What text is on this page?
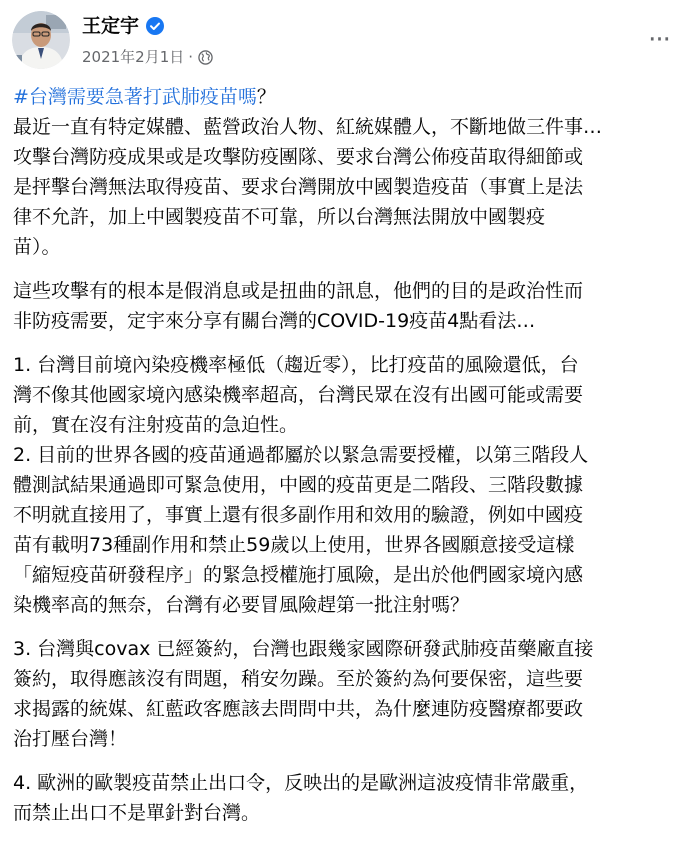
王定宇
2021年2月1日 ·
···
#台灣需要急著打武肺疫苗嗎？
最近一直有特定媒體、藍營政治人物、紅統媒體人，不斷地做三件事…
攻擊台灣防疫成果或是攻擊防疫團隊、要求台灣公佈疫苗取得細節或
是抨擊台灣無法取得疫苗、要求台灣開放中國製造疫苗（事實上是法
律不允許，加上中國製疫苗不可靠，所以台灣無法開放中國製疫
苗）。
這些攻擊有的根本是假消息或是扭曲的訊息，他們的目的是政治性而
非防疫需要，定宇來分享有關台灣的COVID-19疫苗4點看法…
1. 台灣目前境內染疫機率極低（趨近零），比打疫苗的風險還低，台
灣不像其他國家境內感染機率超高，台灣民眾在沒有出國可能或需要
前，實在沒有注射疫苗的急迫性。
2. 目前的世界各國的疫苗通過都屬於以緊急需要授權，以第三階段人
體測試結果通過即可緊急使用，中國的疫苗更是二階段、三階段數據
不明就直接用了，事實上還有很多副作用和效用的驗證，例如中國疫
苗有載明73種副作用和禁止59歲以上使用，世界各國願意接受這樣
「縮短疫苗研發程序」的緊急授權施打風險，是出於他們國家境內感
染機率高的無奈，台灣有必要冒風險趕第一批注射嗎？
3. 台灣與covax 已經簽約，台灣也跟幾家國際研發武肺疫苗藥廠直接
簽約，取得應該沒有問題，稍安勿躁。至於簽約為何要保密，這些要
求揭露的統媒、紅藍政客應該去問問中共，為什麼連防疫醫療都要政
治打壓台灣！
4. 歐洲的歐製疫苗禁止出口令，反映出的是歐洲這波疫情非常嚴重，
而禁止出口不是單針對台灣。
